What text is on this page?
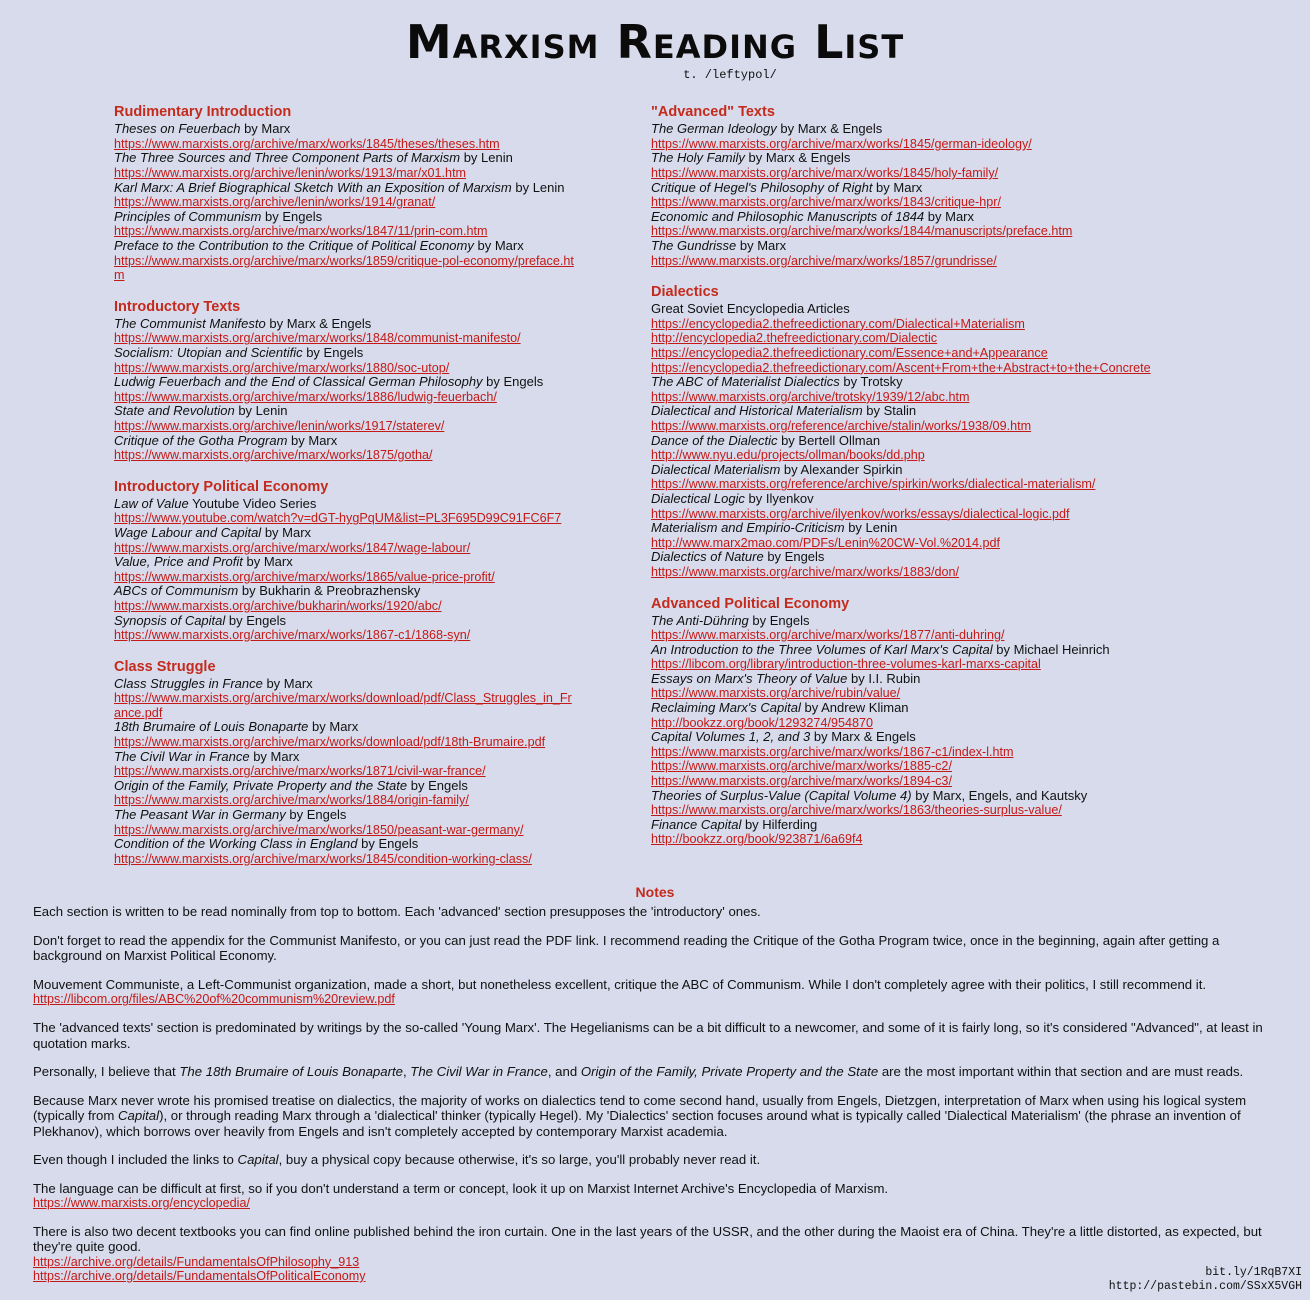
Marxism Reading List
t. /leftypol/
Rudimentary Introduction
Theses on Feuerbach by Marx
https://www.marxists.org/archive/marx/works/1845/theses/theses.htm
The Three Sources and Three Component Parts of Marxism by Lenin
https://www.marxists.org/archive/lenin/works/1913/mar/x01.htm
Karl Marx: A Brief Biographical Sketch With an Exposition of Marxism by Lenin
https://www.marxists.org/archive/lenin/works/1914/granat/
Principles of Communism by Engels
https://www.marxists.org/archive/marx/works/1847/11/prin-com.htm
Preface to the Contribution to the Critique of Political Economy by Marx
https://www.marxists.org/archive/marx/works/1859/critique-pol-economy/preface.htm
Introductory Texts
The Communist Manifesto by Marx & Engels
https://www.marxists.org/archive/marx/works/1848/communist-manifesto/
Socialism: Utopian and Scientific by Engels
https://www.marxists.org/archive/marx/works/1880/soc-utop/
Ludwig Feuerbach and the End of Classical German Philosophy by Engels
https://www.marxists.org/archive/marx/works/1886/ludwig-feuerbach/
State and Revolution by Lenin
https://www.marxists.org/archive/lenin/works/1917/staterev/
Critique of the Gotha Program by Marx
https://www.marxists.org/archive/marx/works/1875/gotha/
Introductory Political Economy
Law of Value Youtube Video Series
https://www.youtube.com/watch?v=dGT-hygPqUM&list=PL3F695D99C91FC6F7
Wage Labour and Capital by Marx
https://www.marxists.org/archive/marx/works/1847/wage-labour/
Value, Price and Profit by Marx
https://www.marxists.org/archive/marx/works/1865/value-price-profit/
ABCs of Communism by Bukharin & Preobrazhensky
https://www.marxists.org/archive/bukharin/works/1920/abc/
Synopsis of Capital by Engels
https://www.marxists.org/archive/marx/works/1867-c1/1868-syn/
Class Struggle
Class Struggles in France by Marx
https://www.marxists.org/archive/marx/works/download/pdf/Class_Struggles_in_France.pdf
18th Brumaire of Louis Bonaparte by Marx
https://www.marxists.org/archive/marx/works/download/pdf/18th-Brumaire.pdf
The Civil War in France by Marx
https://www.marxists.org/archive/marx/works/1871/civil-war-france/
Origin of the Family, Private Property and the State by Engels
https://www.marxists.org/archive/marx/works/1884/origin-family/
The Peasant War in Germany by Engels
https://www.marxists.org/archive/marx/works/1850/peasant-war-germany/
Condition of the Working Class in England by Engels
https://www.marxists.org/archive/marx/works/1845/condition-working-class/
"Advanced" Texts
The German Ideology by Marx & Engels
https://www.marxists.org/archive/marx/works/1845/german-ideology/
The Holy Family by Marx & Engels
https://www.marxists.org/archive/marx/works/1845/holy-family/
Critique of Hegel's Philosophy of Right by Marx
https://www.marxists.org/archive/marx/works/1843/critique-hpr/
Economic and Philosophic Manuscripts of 1844 by Marx
https://www.marxists.org/archive/marx/works/1844/manuscripts/preface.htm
The Gundrisse by Marx
https://www.marxists.org/archive/marx/works/1857/grundrisse/
Dialectics
Great Soviet Encyclopedia Articles
https://encyclopedia2.thefreedictionary.com/Dialectical+Materialism
http://encyclopedia2.thefreedictionary.com/Dialectic
https://encyclopedia2.thefreedictionary.com/Essence+and+Appearance
https://encyclopedia2.thefreedictionary.com/Ascent+From+the+Abstract+to+the+Concrete
The ABC of Materialist Dialectics by Trotsky
https://www.marxists.org/archive/trotsky/1939/12/abc.htm
Dialectical and Historical Materialism by Stalin
https://www.marxists.org/reference/archive/stalin/works/1938/09.htm
Dance of the Dialectic by Bertell Ollman
http://www.nyu.edu/projects/ollman/books/dd.php
Dialectical Materialism by Alexander Spirkin
https://www.marxists.org/reference/archive/spirkin/works/dialectical-materialism/
Dialectical Logic by Ilyenkov
https://www.marxists.org/archive/ilyenkov/works/essays/dialectical-logic.pdf
Materialism and Empirio-Criticism by Lenin
http://www.marx2mao.com/PDFs/Lenin%20CW-Vol.%2014.pdf
Dialectics of Nature by Engels
https://www.marxists.org/archive/marx/works/1883/don/
Advanced Political Economy
The Anti-Dühring by Engels
https://www.marxists.org/archive/marx/works/1877/anti-duhring/
An Introduction to the Three Volumes of Karl Marx's Capital by Michael Heinrich
https://libcom.org/library/introduction-three-volumes-karl-marxs-capital
Essays on Marx's Theory of Value by I.I. Rubin
https://www.marxists.org/archive/rubin/value/
Reclaiming Marx's Capital by Andrew Kliman
http://bookzz.org/book/1293274/954870
Capital Volumes 1, 2, and 3 by Marx & Engels
https://www.marxists.org/archive/marx/works/1867-c1/index-l.htm
https://www.marxists.org/archive/marx/works/1885-c2/
https://www.marxists.org/archive/marx/works/1894-c3/
Theories of Surplus-Value (Capital Volume 4) by Marx, Engels, and Kautsky
https://www.marxists.org/archive/marx/works/1863/theories-surplus-value/
Finance Capital by Hilferding
http://bookzz.org/book/923871/6a69f4
Notes

Each section is written to be read nominally from top to bottom. Each 'advanced' section presupposes the 'introductory' ones.

Don't forget to read the appendix for the Communist Manifesto, or you can just read the PDF link. I recommend reading the Critique of the Gotha Program twice, once in the beginning, again after getting a background on Marxist Political Economy.

Mouvement Communiste, a Left-Communist organization, made a short, but nonetheless excellent, critique the ABC of Communism. While I don't completely agree with their politics, I still recommend it.
https://libcom.org/files/ABC%20of%20communism%20review.pdf

The 'advanced texts' section is predominated by writings by the so-called 'Young Marx'. The Hegelianisms can be a bit difficult to a newcomer, and some of it is fairly long, so it's considered "Advanced", at least in quotation marks.

Personally, I believe that The 18th Brumaire of Louis Bonaparte, The Civil War in France, and Origin of the Family, Private Property and the State are the most important within that section and are must reads.

Because Marx never wrote his promised treatise on dialectics, the majority of works on dialectics tend to come second hand, usually from Engels, Dietzgen, interpretation of Marx when using his logical system (typically from Capital), or through reading Marx through a 'dialectical' thinker (typically Hegel). My 'Dialectics' section focuses around what is typically called 'Dialectical Materialism' (the phrase an invention of Plekhanov), which borrows over heavily from Engels and isn't completely accepted by contemporary Marxist academia.

Even though I included the links to Capital, buy a physical copy because otherwise, it's so large, you'll probably never read it.

The language can be difficult at first, so if you don't understand a term or concept, look it up on Marxist Internet Archive's Encyclopedia of Marxism.
https://www.marxists.org/encyclopedia/

There is also two decent textbooks you can find online published behind the iron curtain. One in the last years of the USSR, and the other during the Maoist era of China. They're a little distorted, as expected, but they're quite good.
https://archive.org/details/FundamentalsOfPhilosophy_913
https://archive.org/details/FundamentalsOfPoliticalEconomy	bit.ly/1RqB7XI
http://pastebin.com/SSxX5VGH
